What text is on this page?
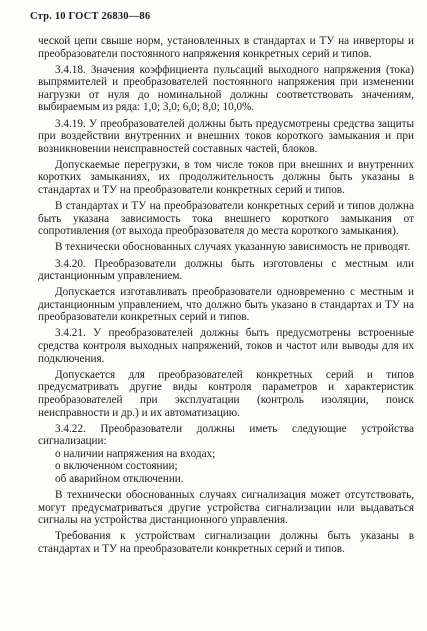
Стр. 10 ГОСТ 26830—86

ческой цепи свыше норм, установленных в стандартах и ТУ на инверторы и преобразователи постоянного напряжения конкретных серий и типов.

3.4.18. Значения коэффициента пульсаций выходного напряжения (тока) выпрямителей и преобразователей постоянного напряжения при изменении нагрузки от нуля до номинальной должны соответствовать значениям, выбираемым из ряда: 1,0; 3,0; 6,0; 8,0; 10,0%.

3.4.19. У преобразователей должны быть предусмотрены средства защиты при воздействии внутренних и внешних токов короткого замыкания и при возникновении неисправностей составных частей, блоков.

Допускаемые перегрузки, в том числе токов при внешних и внутренних коротких замыканиях, их продолжительность должны быть указаны в стандартах и ТУ на преобразователи конкретных серий и типов.

В стандартах и ТУ на преобразователи конкретных серий и типов должна быть указана зависимость тока внешнего короткого замыкания от сопротивления (от выхода преобразователя до места короткого замыкания).

В технически обоснованных случаях указанную зависимость не приводят.

3.4.20. Преобразователи должны быть изготовлены с местным или дистанционным управлением.

Допускается изготавливать преобразователи одновременно с местным и дистанционным управлением, что должно быть указано в стандартах и ТУ на преобразователи конкретных серий и типов.

3.4.21. У преобразователей должны быть предусмотрены встроенные средства контроля выходных напряжений, токов и частот или выводы для их подключения.

Допускается для преобразователей конкретных серий и типов предусматривать другие виды контроля параметров и характеристик преобразователей при эксплуатации (контроль изоляции, поиск неисправности и др.) и их автоматизацию.

3.4.22. Преобразователи должны иметь следующие устройства сигнализации:

о наличии напряжения на входах;

о включенном состоянии;

об аварийном отключении.

В технически обоснованных случаях сигнализация может отсутствовать, могут предусматриваться другие устройства сигнализации или выдаваться сигналы на устройства дистанционного управления.

Требования к устройствам сигнализации должны быть указаны в стандартах и ТУ на преобразователи конкретных серий и типов.
